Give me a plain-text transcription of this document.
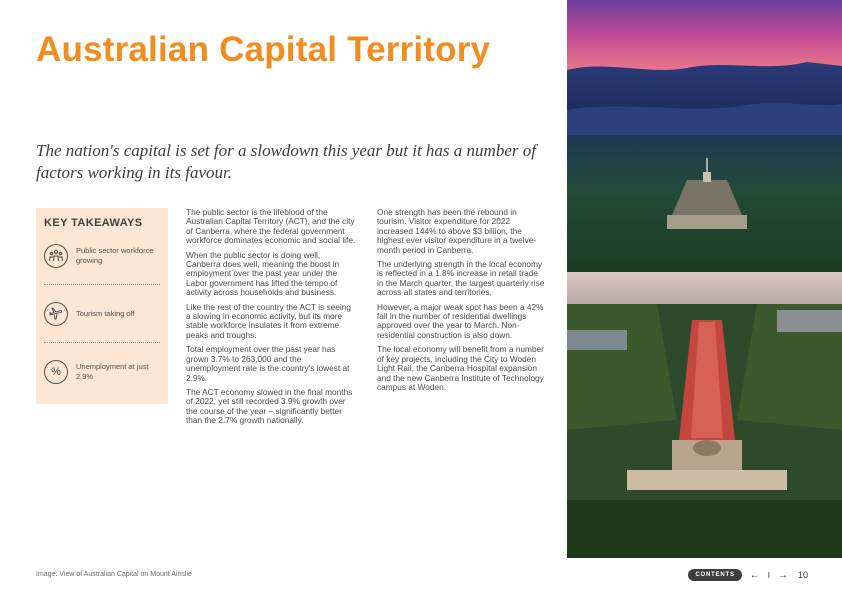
Australian Capital Territory

The nation's capital is set for a slowdown this year but it has a number of factors working in its favour.

KEY TAKEAWAYS
Public sector workforce growing
Tourism taking off
%	Unemployment at just 2.9%

The public sector is the lifeblood of the Australian Capital Territory (ACT), and the city of Canberra, where the federal government workforce dominates economic and social life.

When the public sector is doing well, Canberra does well, meaning the boost in employment over the past year under the Labor government has lifted the tempo of activity across households and business.

Like the rest of the country the ACT is seeing a slowing in economic activity, but its more stable workforce insulates it from extreme peaks and troughs.

Total employment over the past year has grown 3.7% to 263,000 and the unemployment rate is the country's lowest at 2.9%.

The ACT economy slowed in the final months of 2022, yet still recorded 3.9% growth over the course of the year – significantly better than the 2.7% growth nationally.

One strength has been the rebound in tourism. Visitor expenditure for 2022 increased 144% to above $3 billion, the highest ever visitor expenditure in a twelve-month period in Canberra.

The underlying strength in the local economy is reflected in a 1.8% increase in retail trade in the March quarter, the largest quarterly rise across all states and territories.

However, a major weak spot has been a 42% fall in the number of residential dwellings approved over the year to March. Non-residential construction is also down.

The local economy will benefit from a number of key projects, including the City to Woden Light Rail, the Canberra Hospital expansion and the new Canberra Institute of Technology campus at Woden.

Image: View of Australian Capital on Mount Ainslie	CONTENTS	← I → 10
